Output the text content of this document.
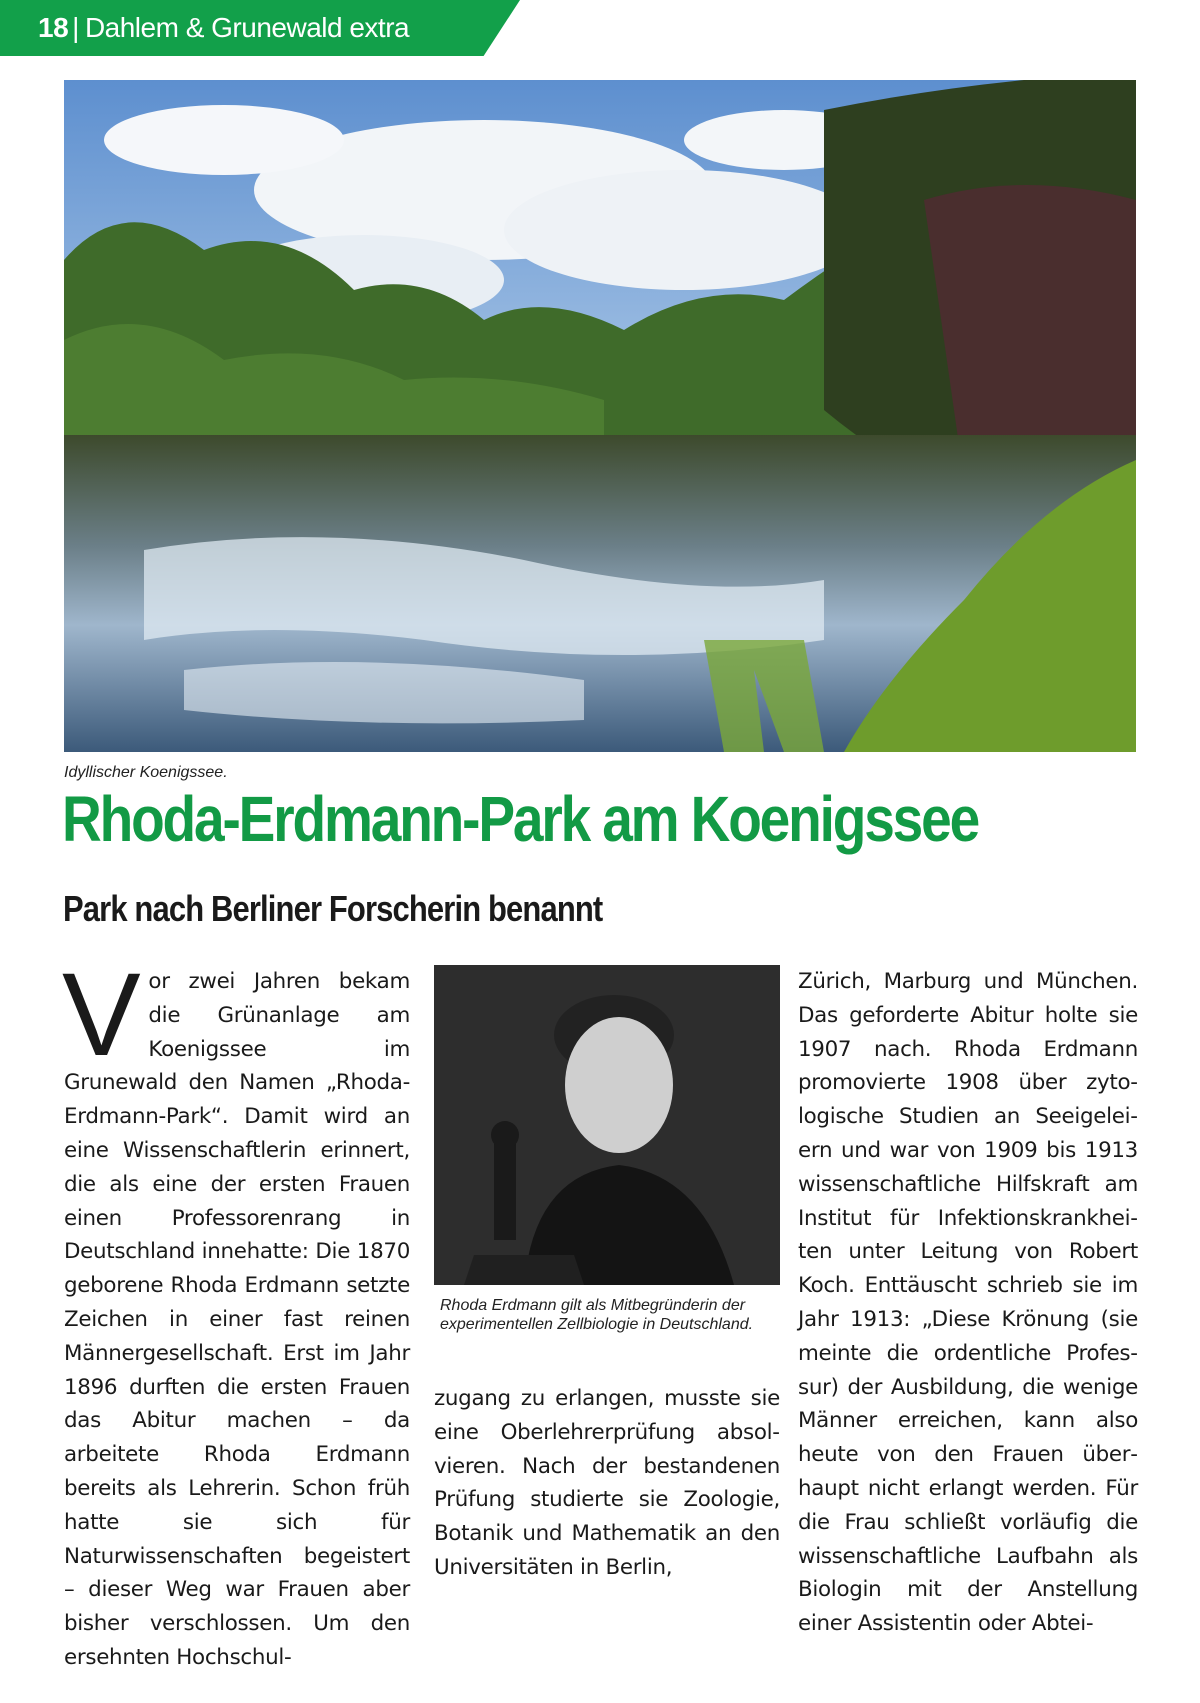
18 | Dahlem & Grunewald extra
Idyllischer Koenigssee.
Rhoda-Erdmann-Park am Koenigssee
Park nach Berliner Forscherin benannt
Vor zwei Jahren bekam die Grünanlage am Koenigssee im Grunewald den Namen „Rhoda-Erdmann-Park“. Damit wird an eine Wissenschaftlerin erinnert, die als eine der ersten Frauen einen Professorenrang in Deutschland innehatte: Die 1870 geborene Rhoda Erdmann setzte Zeichen in einer fast reinen Männergesellschaft. Erst im Jahr 1896 durften die ersten Frauen das Abitur machen – da arbeitete Rhoda Erdmann bereits als Lehrerin. Schon früh hatte sie sich für Naturwissenschaften begeistert – dieser Weg war Frauen aber bisher verschlossen. Um den ersehnten Hochschul-
Rhoda Erdmann gilt als Mitbegründerin der experimentellen Zellbiologie in Deutschland.
zugang zu erlangen, musste sie eine Oberlehrerprüfung absolvieren. Nach der bestandenen Prüfung studierte sie Zoologie, Botanik und Mathematik an den Universitäten in Berlin,
Zürich, Marburg und München. Das geforderte Abitur holte sie 1907 nach. Rhoda Erdmann promovierte 1908 über zytologische Studien an Seeigeleiern und war von 1909 bis 1913 wissenschaftliche Hilfskraft am Institut für Infektionskrankheiten unter Leitung von Robert Koch. Enttäuscht schrieb sie im Jahr 1913: „Diese Krönung (sie meinte die ordentliche Professur) der Ausbildung, die wenige Männer erreichen, kann also heute von den Frauen überhaupt nicht erlangt werden. Für die Frau schließt vorläufig die wissenschaftliche Laufbahn als Biologin mit der Anstellung einer Assistentin oder Abtei-
